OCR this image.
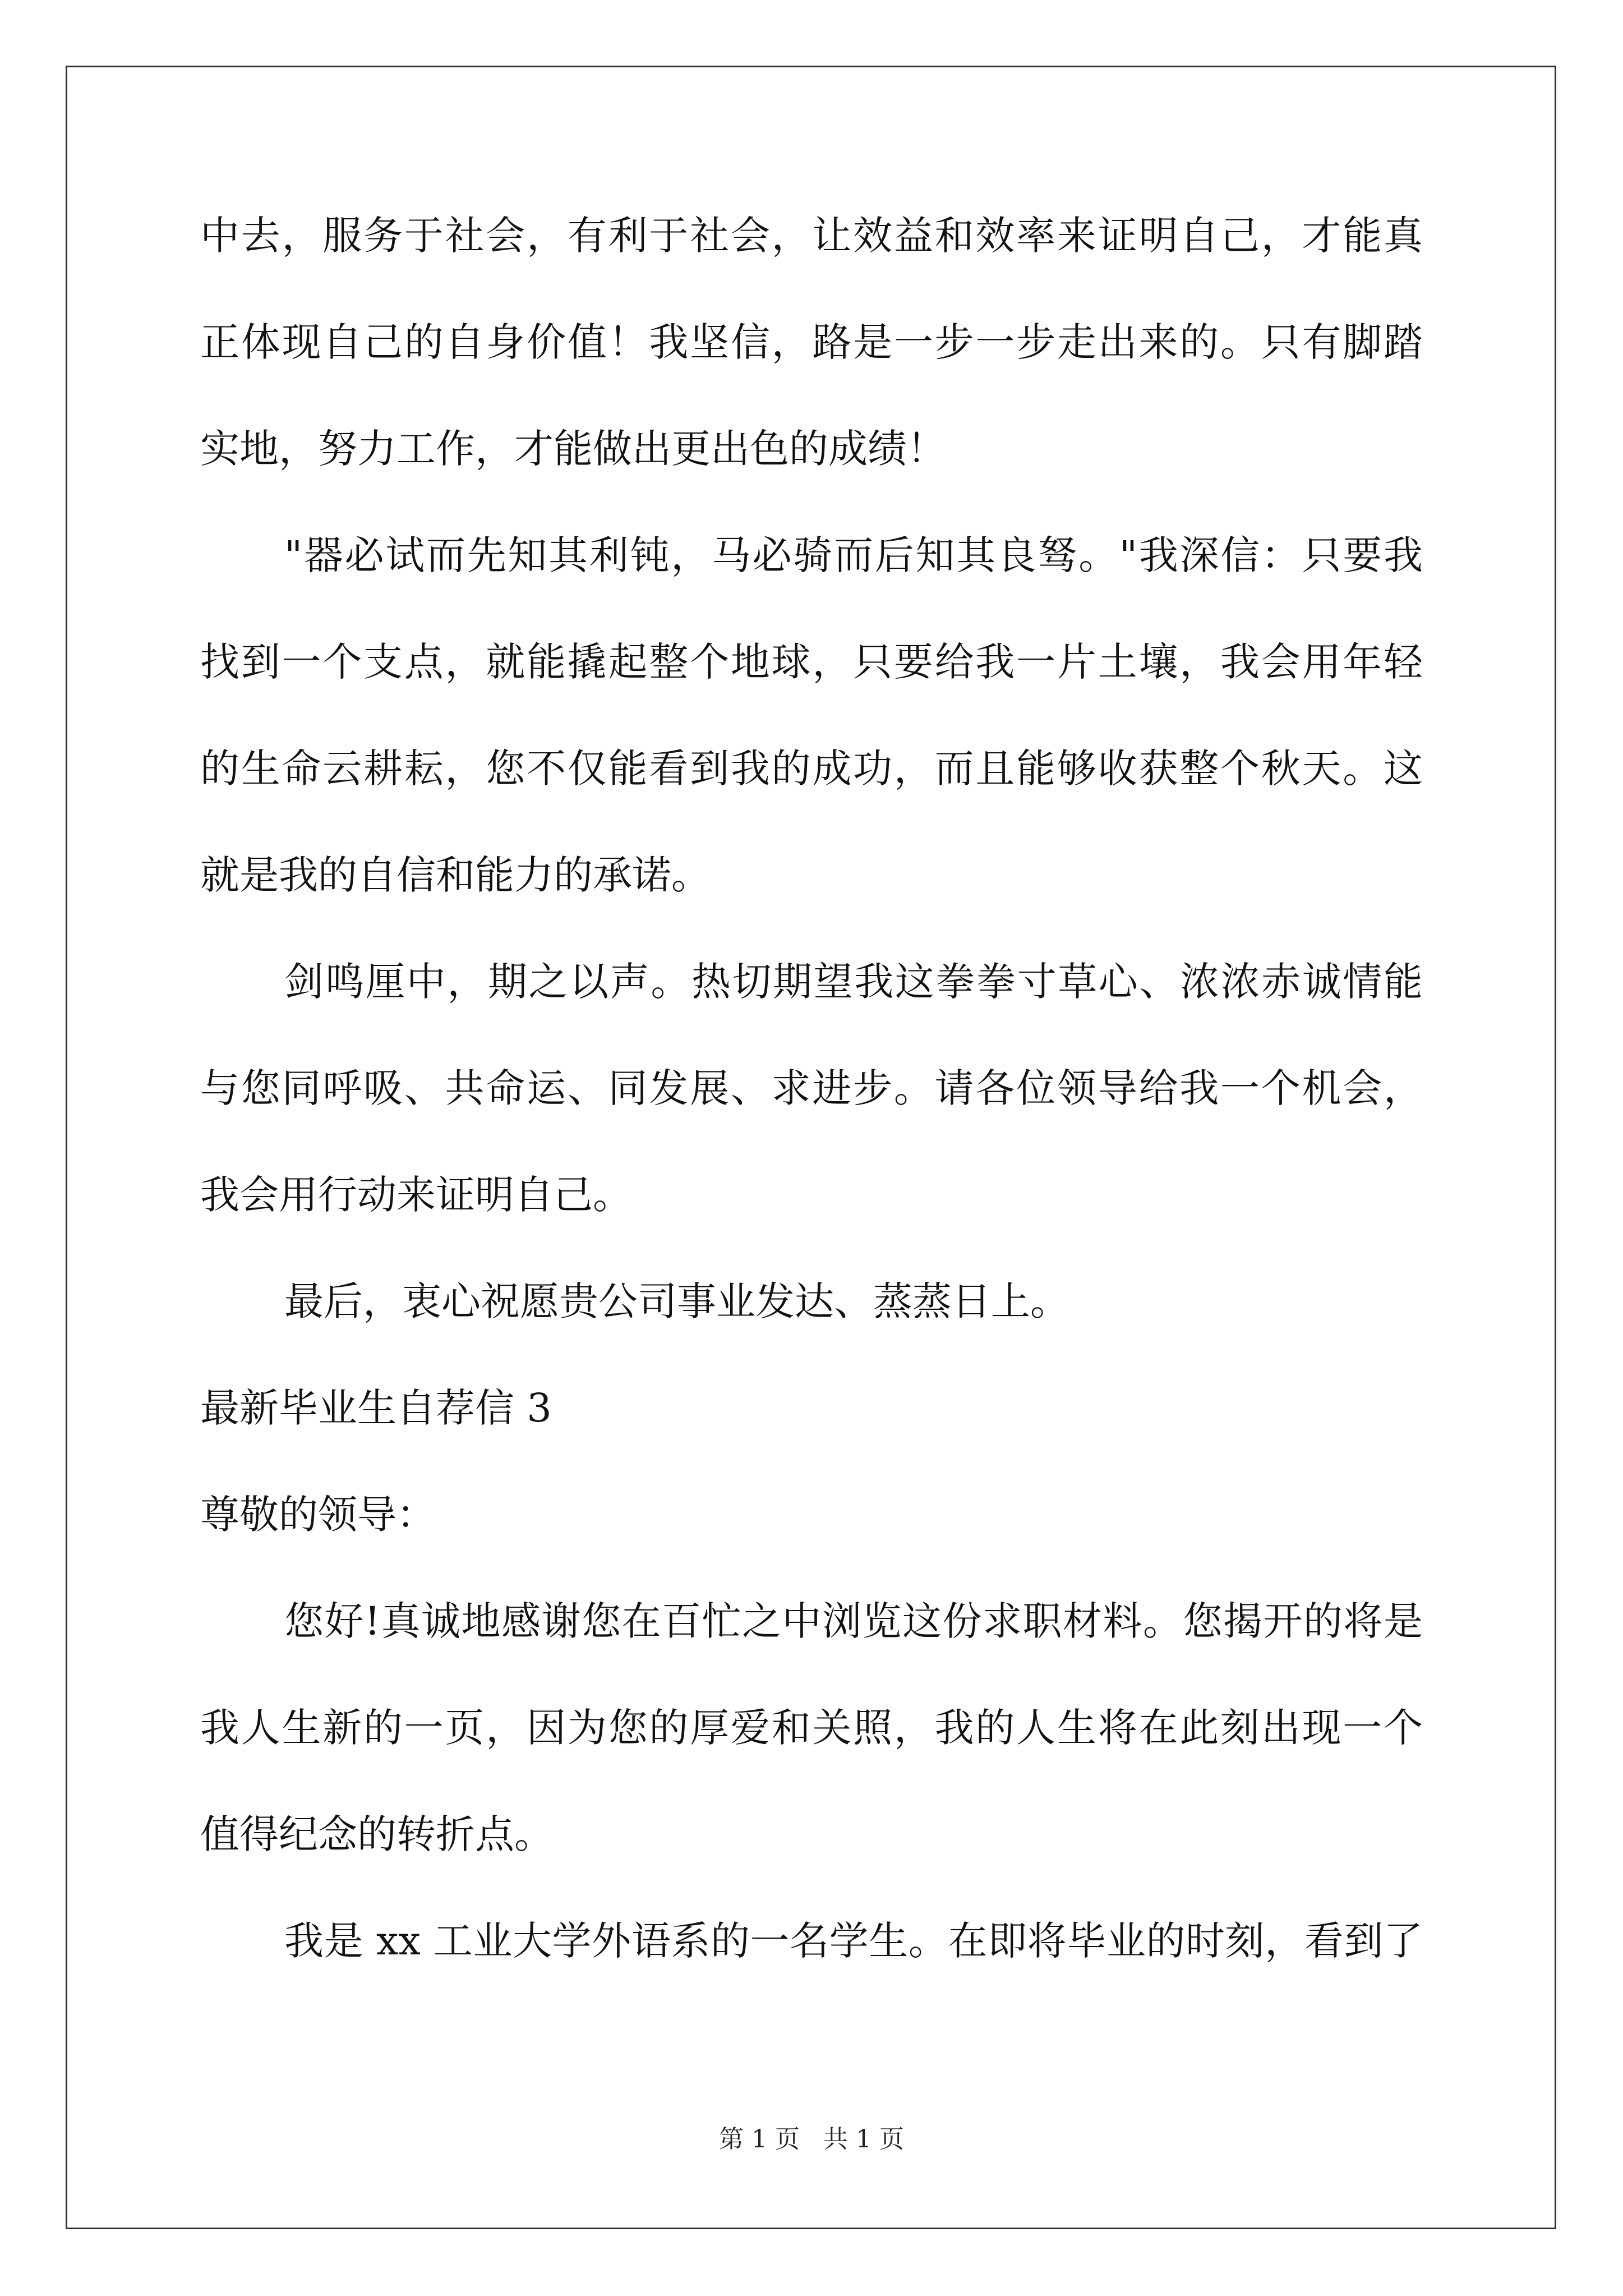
中去，服务于社会，有利于社会，让效益和效率来证明自己，才能真
正体现自己的自身价值！我坚信，路是一步一步走出来的。只有脚踏
实地，努力工作，才能做出更出色的成绩！
"器必试而先知其利钝，马必骑而后知其良驽。"我深信：只要我
找到一个支点，就能撬起整个地球，只要给我一片土壤，我会用年轻
的生命云耕耘，您不仅能看到我的成功，而且能够收获整个秋天。这
就是我的自信和能力的承诺。
剑鸣厘中，期之以声。热切期望我这拳拳寸草心、浓浓赤诚情能
与您同呼吸、共命运、同发展、求进步。请各位领导给我一个机会，
我会用行动来证明自己。
最后，衷心祝愿贵公司事业发达、蒸蒸日上。
最新毕业生自荐信 3
尊敬的领导：
您好!真诚地感谢您在百忙之中浏览这份求职材料。您揭开的将是
我人生新的一页，因为您的厚爱和关照，我的人生将在此刻出现一个
值得纪念的转折点。
我是 xx 工业大学外语系的一名学生。在即将毕业的时刻，看到了
第 1 页   共 1 页
